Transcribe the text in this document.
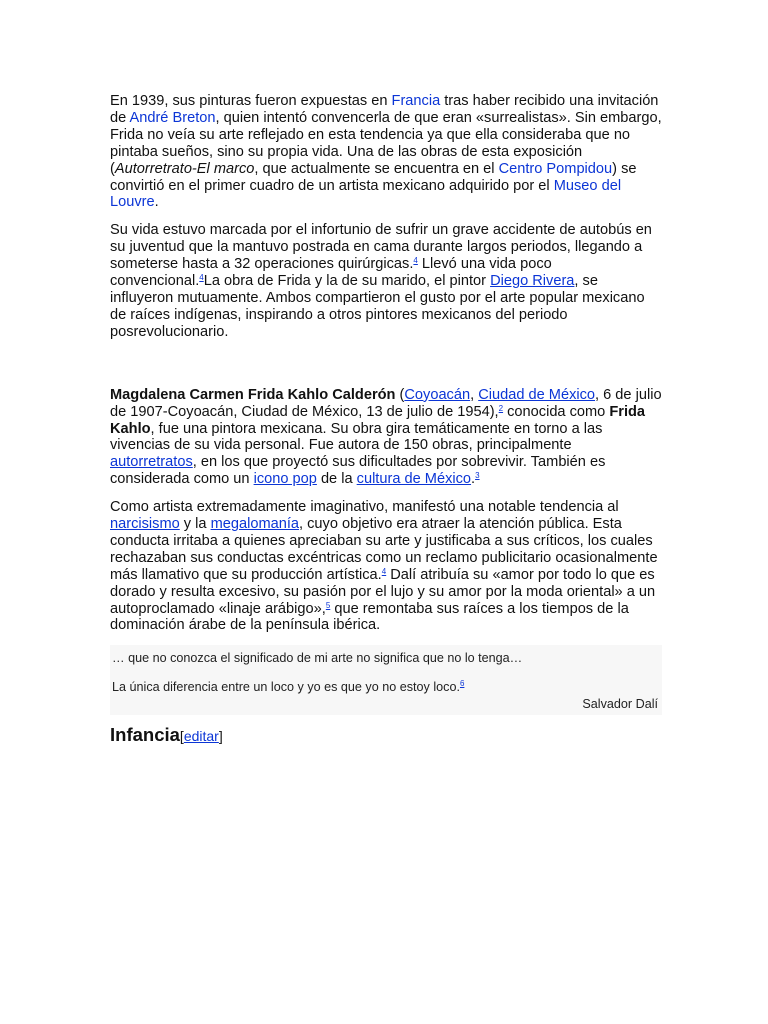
En 1939, sus pinturas fueron expuestas en Francia tras haber recibido una invitación de André Breton, quien intentó convencerla de que eran «surrealistas». Sin embargo, Frida no veía su arte reflejado en esta tendencia ya que ella consideraba que no pintaba sueños, sino su propia vida. Una de las obras de esta exposición (Autorretrato-El marco, que actualmente se encuentra en el Centro Pompidou) se convirtió en el primer cuadro de un artista mexicano adquirido por el Museo del Louvre.

Su vida estuvo marcada por el infortunio de sufrir un grave accidente de autobús en su juventud que la mantuvo postrada en cama durante largos periodos, llegando a someterse hasta a 32 operaciones quirúrgicas.$^4$ Llevó una vida poco convencional.$^4$La obra de Frida y la de su marido, el pintor Diego Rivera, se influyeron mutuamente. Ambos compartieron el gusto por el arte popular mexicano de raíces indígenas, inspirando a otros pintores mexicanos del periodo posrevolucionario.

Magdalena Carmen Frida Kahlo Calderón (Coyoacán, Ciudad de México, 6 de julio de 1907-Coyoacán, Ciudad de México, 13 de julio de 1954),$^2$ conocida como Frida Kahlo, fue una pintora mexicana. Su obra gira temáticamente en torno a las vivencias de su vida personal. Fue autora de 150 obras, principalmente autorretratos, en los que proyectó sus dificultades por sobrevivir. También es considerada como un icono pop de la cultura de México.$^3$

Como artista extremadamente imaginativo, manifestó una notable tendencia al narcisismo y la megalomanía, cuyo objetivo era atraer la atención pública. Esta conducta irritaba a quienes apreciaban su arte y justificaba a sus críticos, los cuales rechazaban sus conductas excéntricas como un reclamo publicitario ocasionalmente más llamativo que su producción artística.$^4$ Dalí atribuía su «amor por todo lo que es dorado y resulta excesivo, su pasión por el lujo y su amor por la moda oriental» a un autoproclamado «linaje arábigo»,$^5$ que remontaba sus raíces a los tiempos de la dominación árabe de la península ibérica.

… que no conozca el significado de mi arte no significa que no lo tenga…
La única diferencia entre un loco y yo es que yo no estoy loco.$^6$
Salvador Dalí
Infancia[editar]
